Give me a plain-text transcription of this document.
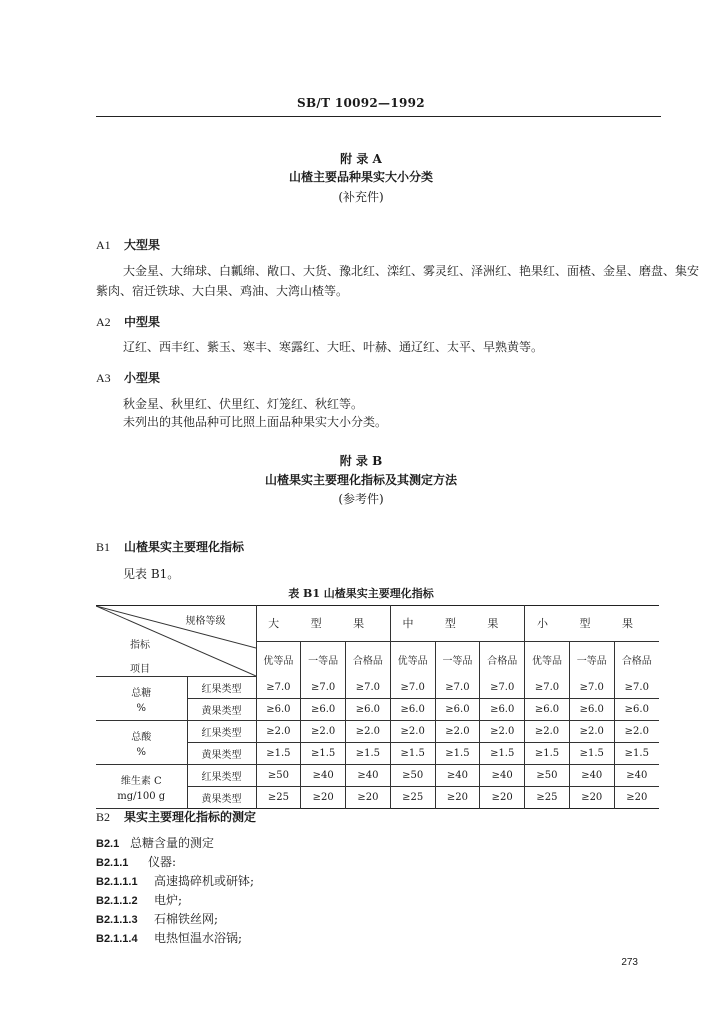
SB/T 10092—1992
附 录 A
山楂主要品种果实大小分类
(补充件)
A1 大型果
大金星、大绵球、白瓤绵、敞口、大货、豫北红、滦红、雾灵红、泽洲红、艳果红、面楂、金星、磨盘、集安
紫肉、宿迁铁球、大白果、鸡油、大湾山楂等。
A2 中型果
辽红、西丰红、紫玉、寒丰、寒露红、大旺、叶赫、通辽红、太平、早熟黄等。
A3 小型果
秋金星、秋里红、伏里红、灯笼红、秋红等。
未列出的其他品种可比照上面品种果实大小分类。
附 录 B
山楂果实主要理化指标及其测定方法
(参考件)
B1 山楂果实主要理化指标
见表 B1。
表 B1 山楂果实主要理化指标
规格等级
指标
项目		大 型 果			中 型 果			小 型 果		
		优等品	一等品	合格品	优等品	一等品	合格品	优等品	一等品	合格品

总糖
%	红果类型	≥7.0	≥7.0	≥7.0	≥7.0	≥7.0	≥7.0	≥7.0	≥7.0	≥7.0
	黄果类型	≥6.0	≥6.0	≥6.0	≥6.0	≥6.0	≥6.0	≥6.0	≥6.0	≥6.0

总酸
%	红果类型	≥2.0	≥2.0	≥2.0	≥2.0	≥2.0	≥2.0	≥2.0	≥2.0	≥2.0
	黄果类型	≥1.5	≥1.5	≥1.5	≥1.5	≥1.5	≥1.5	≥1.5	≥1.5	≥1.5

维生素 C
mg/100 g	红果类型	≥50	≥40	≥40	≥50	≥40	≥40	≥50	≥40	≥40
	黄果类型	≥25	≥20	≥20	≥25	≥20	≥20	≥25	≥20	≥20
B2 果实主要理化指标的测定
B2.1 总糖含量的测定
B2.1.1 仪器:
B2.1.1.1 高速捣碎机或研钵;
B2.1.1.2 电炉;
B2.1.1.3 石棉铁丝网;
B2.1.1.4 电热恒温水浴锅;
273
